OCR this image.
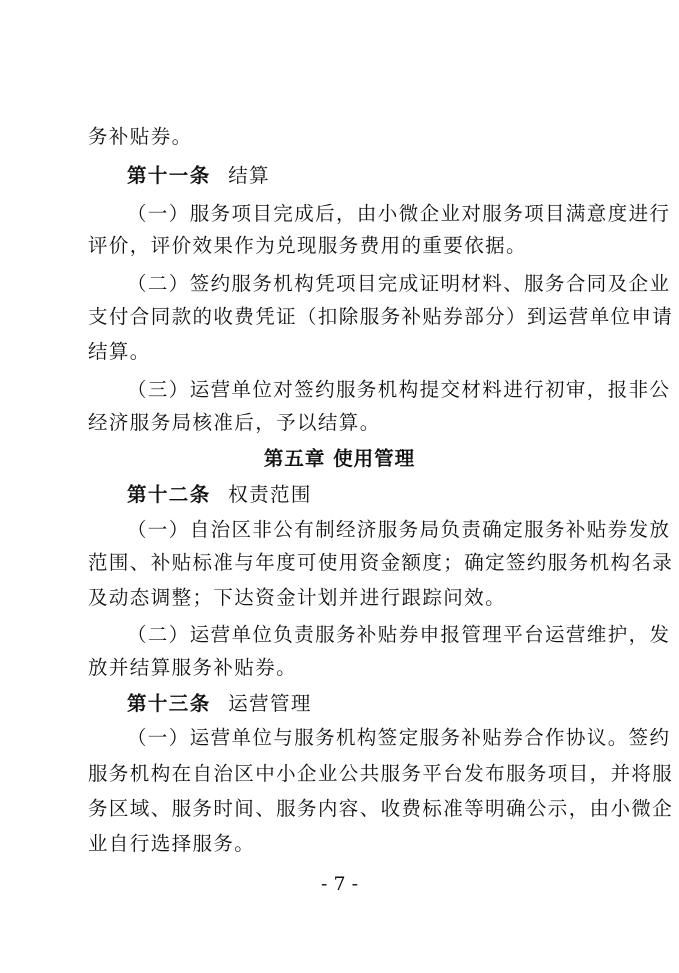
务补贴券。
第十一条 结算
（一）服务项目完成后，由小微企业对服务项目满意度进行
评价，评价效果作为兑现服务费用的重要依据。
（二）签约服务机构凭项目完成证明材料、服务合同及企业
支付合同款的收费凭证（扣除服务补贴券部分）到运营单位申请
结算。
（三）运营单位对签约服务机构提交材料进行初审，报非公
经济服务局核准后，予以结算。
第五章 使用管理
第十二条 权责范围
（一）自治区非公有制经济服务局负责确定服务补贴券发放
范围、补贴标准与年度可使用资金额度；确定签约服务机构名录
及动态调整；下达资金计划并进行跟踪问效。
（二）运营单位负责服务补贴券申报管理平台运营维护，发
放并结算服务补贴券。
第十三条 运营管理
（一）运营单位与服务机构签定服务补贴券合作协议。签约
服务机构在自治区中小企业公共服务平台发布服务项目，并将服
务区域、服务时间、服务内容、收费标准等明确公示，由小微企
业自行选择服务。
- 7 -
